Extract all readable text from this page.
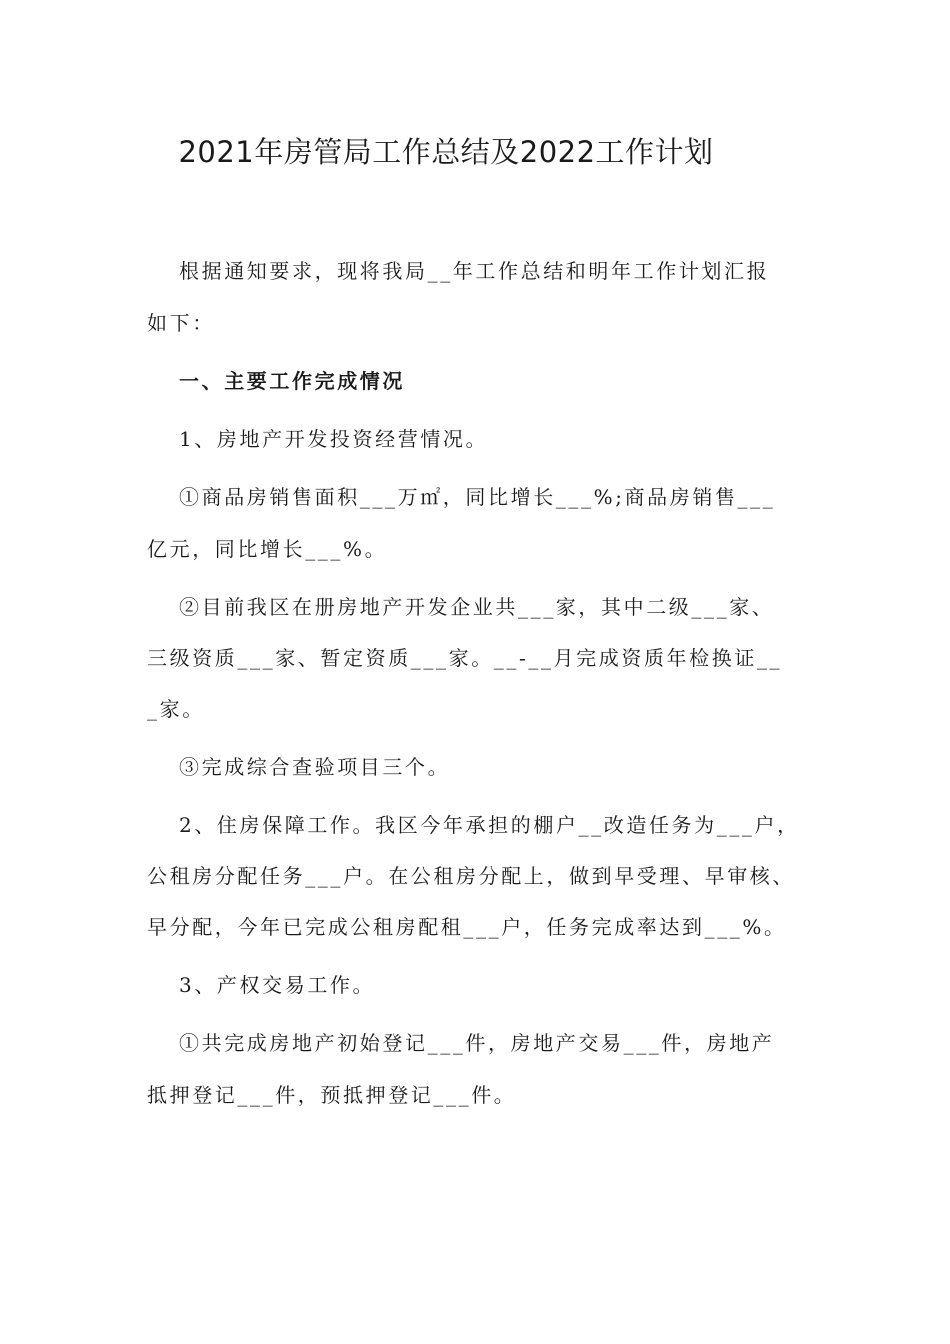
2021年房管局工作总结及2022工作计划
根据通知要求，现将我局__年工作总结和明年工作计划汇报
如下：
一、主要工作完成情况
1、房地产开发投资经营情况。
①商品房销售面积___万㎡，同比增长___%;商品房销售___
亿元，同比增长___%。
②目前我区在册房地产开发企业共___家，其中二级___家、
三级资质___家、暂定资质___家。__-__月完成资质年检换证__
_家。
③完成综合查验项目三个。
2、住房保障工作。我区今年承担的棚户__改造任务为___户，
公租房分配任务___户。在公租房分配上，做到早受理、早审核、
早分配，今年已完成公租房配租___户，任务完成率达到___%。
3、产权交易工作。
①共完成房地产初始登记___件，房地产交易___件，房地产
抵押登记___件，预抵押登记___件。
